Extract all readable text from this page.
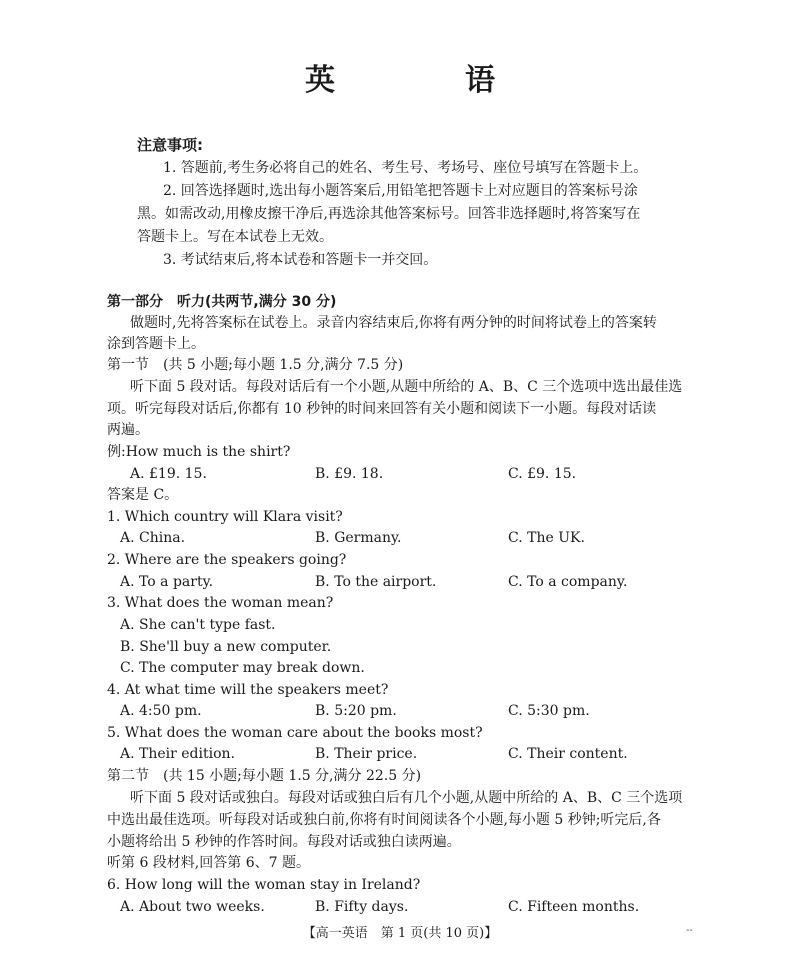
英　语
注意事项:
1. 答题前,考生务必将自己的姓名、考生号、考场号、座位号填写在答题卡上。
2. 回答选择题时,选出每小题答案后,用铅笔把答题卡上对应题目的答案标号涂
黑。如需改动,用橡皮擦干净后,再选涂其他答案标号。回答非选择题时,将答案写在
答题卡上。写在本试卷上无效。
3. 考试结束后,将本试卷和答题卡一并交回。
第一部分　听力(共两节,满分 30 分)
做题时,先将答案标在试卷上。录音内容结束后,你将有两分钟的时间将试卷上的答案转
涂到答题卡上。
第一节　(共 5 小题;每小题 1.5 分,满分 7.5 分)
听下面 5 段对话。每段对话后有一个小题,从题中所给的 A、B、C 三个选项中选出最佳选
项。听完每段对话后,你都有 10 秒钟的时间来回答有关小题和阅读下一小题。每段对话读
两遍。
例:How much is the shirt?
A. £19. 15.	B. £9. 18.	C. £9. 15.
答案是 C。
1. Which country will Klara visit?
A. China.	B. Germany.	C. The UK.
2. Where are the speakers going?
A. To a party.	B. To the airport.	C. To a company.
3. What does the woman mean?
A. She can't type fast.
B. She'll buy a new computer.
C. The computer may break down.
4. At what time will the speakers meet?
A. 4:50 pm.	B. 5:20 pm.	C. 5:30 pm.
5. What does the woman care about the books most?
A. Their edition.	B. Their price.	C. Their content.
第二节　(共 15 小题;每小题 1.5 分,满分 22.5 分)
听下面 5 段对话或独白。每段对话或独白后有几个小题,从题中所给的 A、B、C 三个选项
中选出最佳选项。听每段对话或独白前,你将有时间阅读各个小题,每小题 5 秒钟;听完后,各
小题将给出 5 秒钟的作答时间。每段对话或独白读两遍。
听第 6 段材料,回答第 6、7 题。
6. How long will the woman stay in Ireland?
A. About two weeks.	B. Fifty days.	C. Fifteen months.
【高一英语　第 1 页(共 10 页)】	--
